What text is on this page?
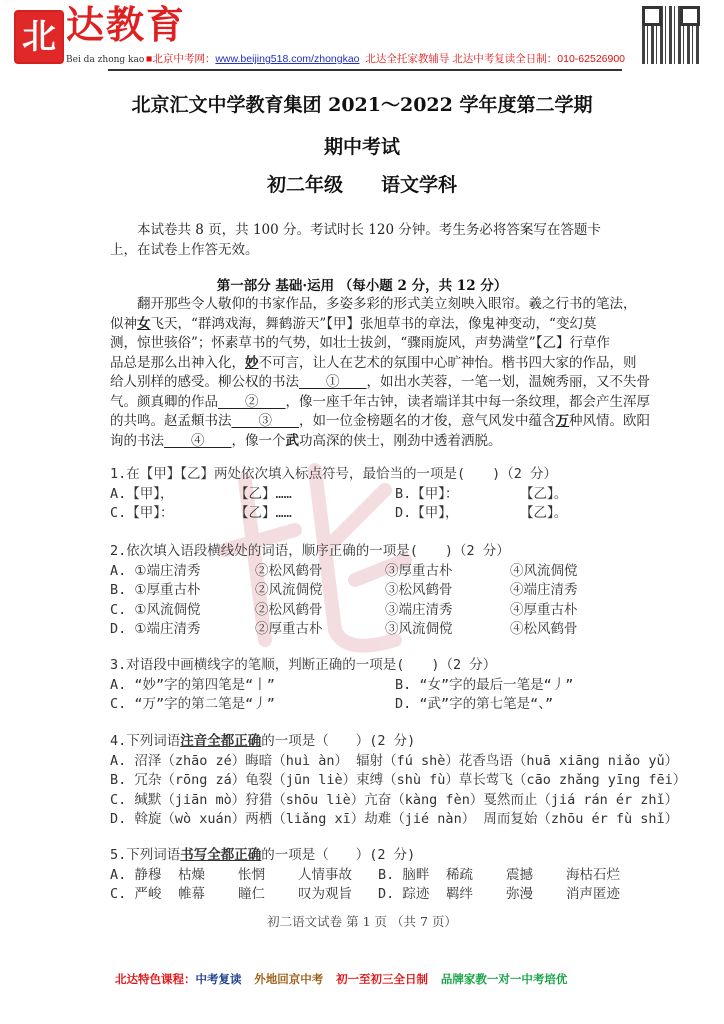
北 达教育
Bei da zhong kao ■北京中考网：www.beijing518.com/zhongkao 北达全托家教辅导 北达中考复读全日制：010-62526900
北京汇文中学教育集团 2021～2022 学年度第二学期
期中考试
初二年级　　语文学科
本试卷共 8 页，共 100 分。考试时长 120 分钟。考生务必将答案写在答题卡上，在试卷上作答无效。
第一部分 基础·运用 （每小题 2 分，共 12 分）
　　翻开那些令人敬仰的书家作品，多姿多彩的形式美立刻映入眼帘。羲之行书的笔法，
似神女飞天，“群鸿戏海，舞鹤游天”【甲】张旭草书的章法，像鬼神变动，“变幻莫
测，惊世骇俗”；怀素草书的气势，如壮士拔剑，“骤雨旋风，声势满堂”【乙】行草作
品总是那么出神入化，妙不可言，让人在艺术的氛围中心旷神怡。楷书四大家的作品，则
给人别样的感受。柳公权的书法　　①　　，如出水芙蓉，一笔一划，温婉秀丽，又不失骨
气。颜真卿的作品　　②　　，像一座千年古钟，读者端详其中每一条纹理，都会产生浑厚
的共鸣。赵孟頫书法　　③　　，如一位金榜题名的才俊，意气风发中蕴含万种风情。欧阳
询的书法　　④　　，像一个武功高深的侠士，刚劲中透着洒脱。
1.在【甲】【乙】两处依次填入标点符号，最恰当的一项是(　　)（2 分）
A.【甲】，	【乙】……	B.【甲】：	【乙】。
C.【甲】：	【乙】……	D.【甲】，	【乙】。
2.依次填入语段横线处的词语，顺序正确的一项是(　　)（2 分）
A. ①端庄清秀	②松风鹤骨	③厚重古朴	④风流倜傥
B. ①厚重古朴	②风流倜傥	③松风鹤骨	④端庄清秀
C. ①风流倜傥	②松风鹤骨	③端庄清秀	④厚重古朴
D. ①端庄清秀	②厚重古朴	③风流倜傥	④松风鹤骨
3.对语段中画横线字的笔顺，判断正确的一项是(　　)（2 分）
A. “妙”字的第四笔是“丨”	B. “女”字的最后一笔是“丿”
C. “万”字的第二笔是“丿”	D. “武”字的第七笔是“、”
4.下列词语注音全都正确的一项是（　　）(2 分)
A. 沼泽（zhāo zé）晦暗（huì àn） 辐射（fú shè）花香鸟语（huā xiāng niǎo yǔ）
B. 冗杂（rōng zá）龟裂（jūn liè）束缚（shù fù）草长莺飞（cāo zhǎng yīng fēi）
C. 缄默（jiān mò）狩猎（shōu liè）亢奋（kàng fèn）戛然而止（jiá rán ér zhǐ）
D. 斡旋（wò xuán）两栖（liǎng xī）劫难（jié nàn） 周而复始（zhōu ér fù shǐ）
5.下列词语书写全都正确的一项是（　　）(2 分)
A. 静穆 枯燥 怅惘 人情事故 B. 脑畔 稀疏 震撼 海枯石烂
C. 严峻 帷幕 瞳仁 叹为观旨 D. 踪迹 羁绊 弥漫 消声匿迹
初二语文试卷 第 1 页 （共 7 页）
北达特色课程：中考复读 外地回京中考 初一至初三全日制 品牌家教一对一中考培优
